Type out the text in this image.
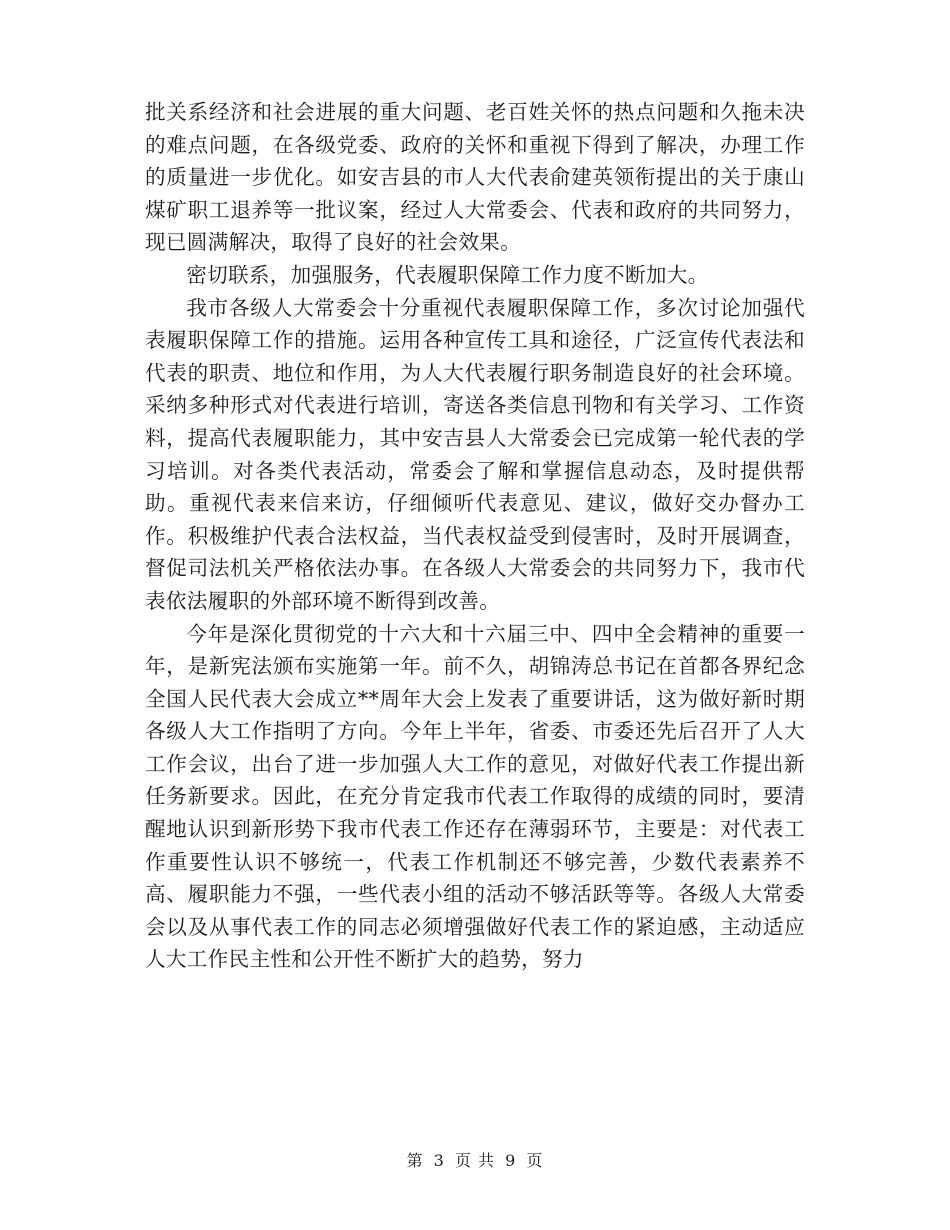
批关系经济和社会进展的重大问题、老百姓关怀的热点问题和久拖未决的难点问题，在各级党委、政府的关怀和重视下得到了解决，办理工作的质量进一步优化。如安吉县的市人大代表俞建英领衔提出的关于康山煤矿职工退养等一批议案，经过人大常委会、代表和政府的共同努力，现已圆满解决，取得了良好的社会效果。

密切联系，加强服务，代表履职保障工作力度不断加大。

我市各级人大常委会十分重视代表履职保障工作，多次讨论加强代表履职保障工作的措施。运用各种宣传工具和途径，广泛宣传代表法和代表的职责、地位和作用，为人大代表履行职务制造良好的社会环境。采纳多种形式对代表进行培训，寄送各类信息刊物和有关学习、工作资料，提高代表履职能力，其中安吉县人大常委会已完成第一轮代表的学习培训。对各类代表活动，常委会了解和掌握信息动态，及时提供帮助。重视代表来信来访，仔细倾听代表意见、建议，做好交办督办工作。积极维护代表合法权益，当代表权益受到侵害时，及时开展调查，督促司法机关严格依法办事。在各级人大常委会的共同努力下，我市代表依法履职的外部环境不断得到改善。

今年是深化贯彻党的十六大和十六届三中、四中全会精神的重要一年，是新宪法颁布实施第一年。前不久，胡锦涛总书记在首都各界纪念全国人民代表大会成立**周年大会上发表了重要讲话，这为做好新时期各级人大工作指明了方向。今年上半年，省委、市委还先后召开了人大工作会议，出台了进一步加强人大工作的意见，对做好代表工作提出新任务新要求。因此，在充分肯定我市代表工作取得的成绩的同时，要清醒地认识到新形势下我市代表工作还存在薄弱环节，主要是：对代表工作重要性认识不够统一，代表工作机制还不够完善，少数代表素养不高、履职能力不强，一些代表小组的活动不够活跃等等。各级人大常委会以及从事代表工作的同志必须增强做好代表工作的紧迫感，主动适应人大工作民主性和公开性不断扩大的趋势，努力

第 3 页 共 9 页
